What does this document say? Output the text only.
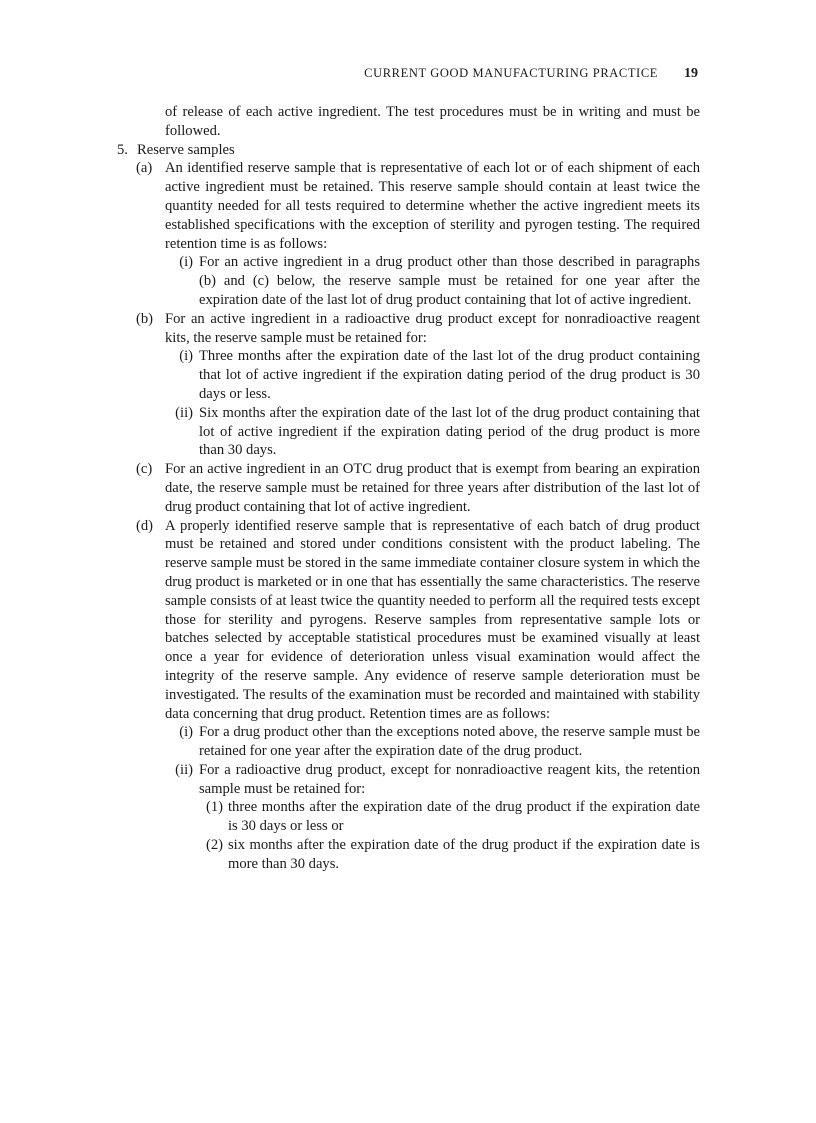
CURRENT GOOD MANUFACTURING PRACTICE 19

of release of each active ingredient. The test procedures must be in writing and must be followed.

5. Reserve samples
(a) An identified reserve sample that is representative of each lot or of each shipment of each active ingredient must be retained. This reserve sample should contain at least twice the quantity needed for all tests required to determine whether the active ingredient meets its established specifications with the exception of sterility and pyrogen testing. The required retention time is as follows:
(i) For an active ingredient in a drug product other than those described in paragraphs (b) and (c) below, the reserve sample must be retained for one year after the expiration date of the last lot of drug product containing that lot of active ingredient.
(b) For an active ingredient in a radioactive drug product except for nonradioactive reagent kits, the reserve sample must be retained for:
(i) Three months after the expiration date of the last lot of the drug product containing that lot of active ingredient if the expiration dating period of the drug product is 30 days or less.
(ii) Six months after the expiration date of the last lot of the drug product containing that lot of active ingredient if the expiration dating period of the drug product is more than 30 days.
(c) For an active ingredient in an OTC drug product that is exempt from bearing an expiration date, the reserve sample must be retained for three years after distribution of the last lot of drug product containing that lot of active ingredient.
(d) A properly identified reserve sample that is representative of each batch of drug product must be retained and stored under conditions consistent with the product labeling. The reserve sample must be stored in the same immediate container closure system in which the drug product is marketed or in one that has essentially the same characteristics. The reserve sample consists of at least twice the quantity needed to perform all the required tests except those for sterility and pyrogens. Reserve samples from representative sample lots or batches selected by acceptable statistical procedures must be examined visually at least once a year for evidence of deterioration unless visual examination would affect the integrity of the reserve sample. Any evidence of reserve sample deterioration must be investigated. The results of the examination must be recorded and maintained with stability data concerning that drug product. Retention times are as follows:
(i) For a drug product other than the exceptions noted above, the reserve sample must be retained for one year after the expiration date of the drug product.
(ii) For a radioactive drug product, except for nonradioactive reagent kits, the retention sample must be retained for:
(1) three months after the expiration date of the drug product if the expiration date is 30 days or less or
(2) six months after the expiration date of the drug product if the expiration date is more than 30 days.
